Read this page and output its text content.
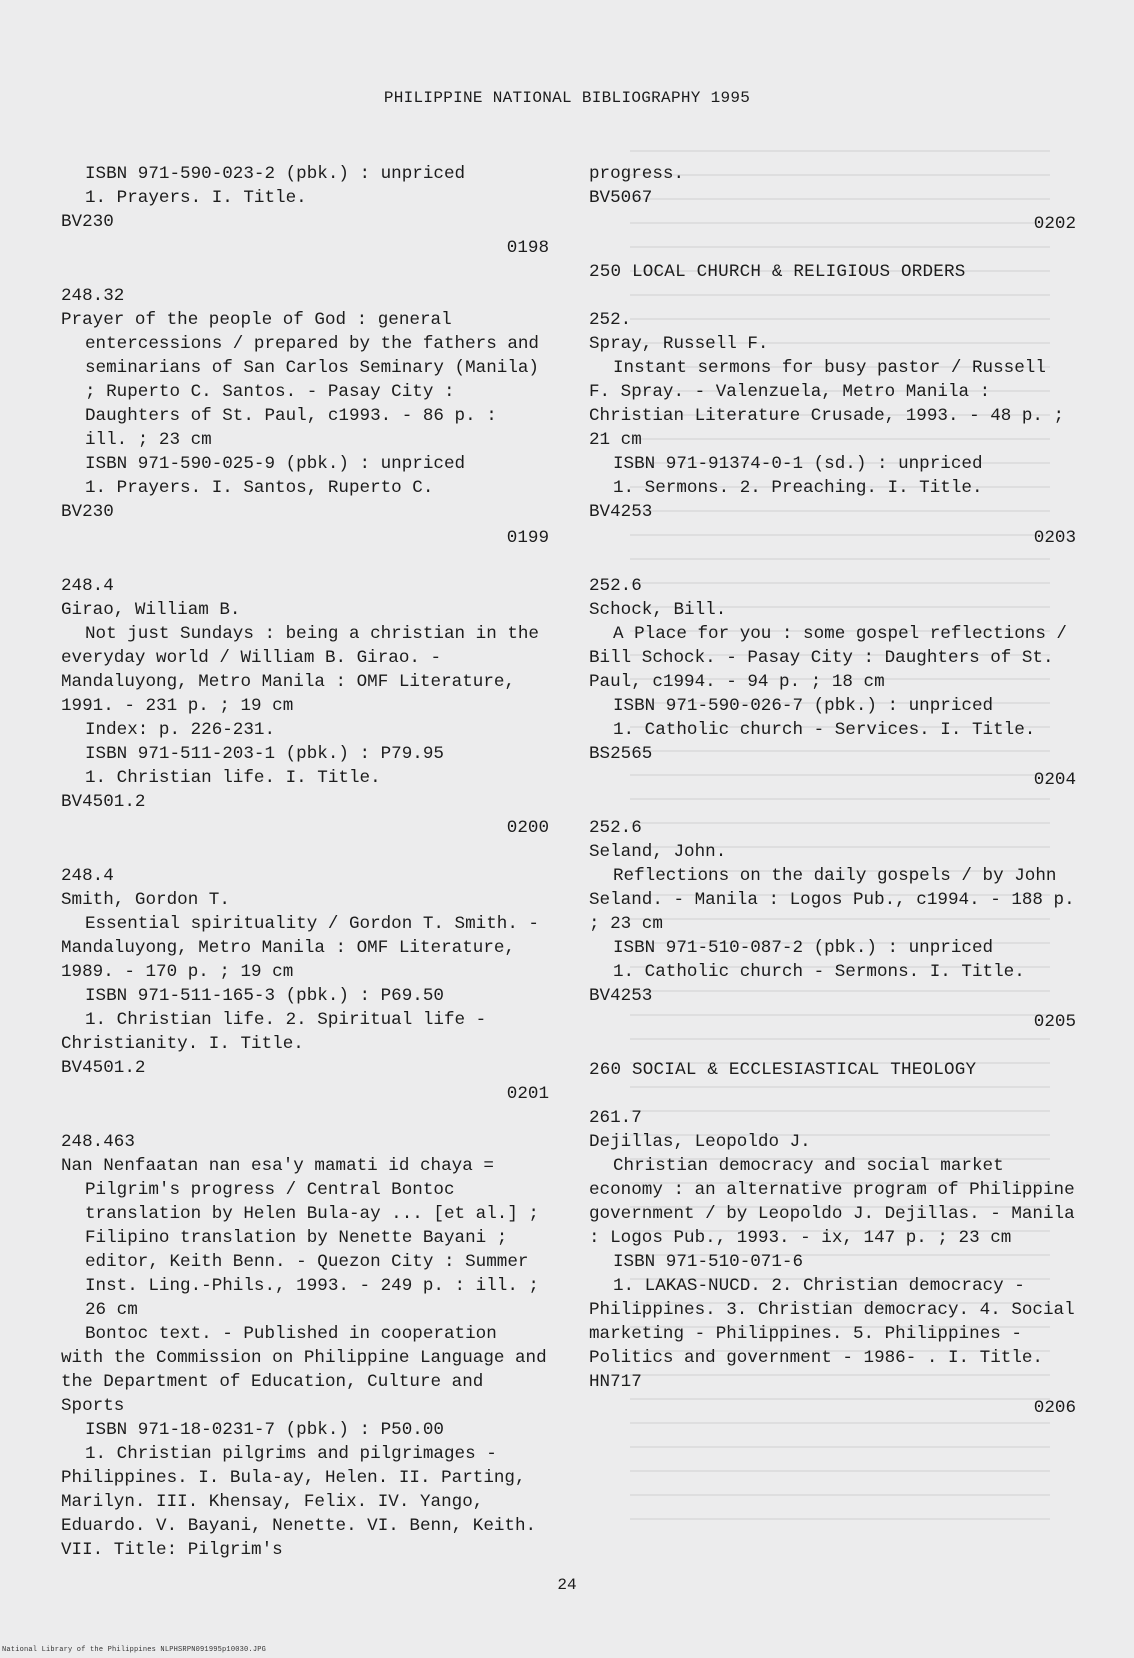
PHILIPPINE NATIONAL BIBLIOGRAPHY 1995
ISBN 971-590-023-2 (pbk.) : unpriced
1. Prayers. I. Title.
BV230
0198
248.32
Prayer of the people of God : general entercessions / prepared by the fathers and seminarians of San Carlos Seminary (Manila) ; Ruperto C. Santos. - Pasay City : Daughters of St. Paul, c1993. - 86 p. : ill. ; 23 cm
ISBN 971-590-025-9 (pbk.) : unpriced
1. Prayers. I. Santos, Ruperto C.
BV230
0199
248.4
Girao, William B.
Not just Sundays : being a christian in the everyday world / William B. Girao. - Mandaluyong, Metro Manila : OMF Literature, 1991. - 231 p. ; 19 cm
Index: p. 226-231.
ISBN 971-511-203-1 (pbk.) : P79.95
1. Christian life. I. Title.
BV4501.2
0200
248.4
Smith, Gordon T.
Essential spirituality / Gordon T. Smith. - Mandaluyong, Metro Manila : OMF Literature, 1989. - 170 p. ; 19 cm
ISBN 971-511-165-3 (pbk.) : P69.50
1. Christian life. 2. Spiritual life - Christianity. I. Title.
BV4501.2
0201
248.463
Nan Nenfaatan nan esa'y mamati id chaya = Pilgrim's progress / Central Bontoc translation by Helen Bula-ay ... [et al.] ; Filipino translation by Nenette Bayani ; editor, Keith Benn. - Quezon City : Summer Inst. Ling.-Phils., 1993. - 249 p. : ill. ; 26 cm
Bontoc text. - Published in cooperation with the Commission on Philippine Language and the Department of Education, Culture and Sports
ISBN 971-18-0231-7 (pbk.) : P50.00
1. Christian pilgrims and pilgrimages - Philippines. I. Bula-ay, Helen. II. Parting, Marilyn. III. Khensay, Felix. IV. Yango, Eduardo. V. Bayani, Nenette. VI. Benn, Keith. VII. Title: Pilgrim's
progress.
BV5067
0202
250 LOCAL CHURCH & RELIGIOUS ORDERS
252.
Spray, Russell F.
Instant sermons for busy pastor / Russell F. Spray. - Valenzuela, Metro Manila : Christian Literature Crusade, 1993. - 48 p. ; 21 cm
ISBN 971-91374-0-1 (sd.) : unpriced
1. Sermons. 2. Preaching. I. Title.
BV4253
0203
252.6
Schock, Bill.
A Place for you : some gospel reflections / Bill Schock. - Pasay City : Daughters of St. Paul, c1994. - 94 p. ; 18 cm
ISBN 971-590-026-7 (pbk.) : unpriced
1. Catholic church - Services. I. Title.
BS2565
0204
252.6
Seland, John.
Reflections on the daily gospels / by John Seland. - Manila : Logos Pub., c1994. - 188 p. ; 23 cm
ISBN 971-510-087-2 (pbk.) : unpriced
1. Catholic church - Sermons. I. Title.
BV4253
0205
260 SOCIAL & ECCLESIASTICAL THEOLOGY
261.7
Dejillas, Leopoldo J.
Christian democracy and social market economy : an alternative program of Philippine government / by Leopoldo J. Dejillas. - Manila : Logos Pub., 1993. - ix, 147 p. ; 23 cm
ISBN 971-510-071-6
1. LAKAS-NUCD. 2. Christian democracy - Philippines. 3. Christian democracy. 4. Social marketing - Philippines. 5. Philippines - Politics and government - 1986- . I. Title.
HN717
0206
24
National Library of the Philippines NLPHSRPN091995p10030.JPG
